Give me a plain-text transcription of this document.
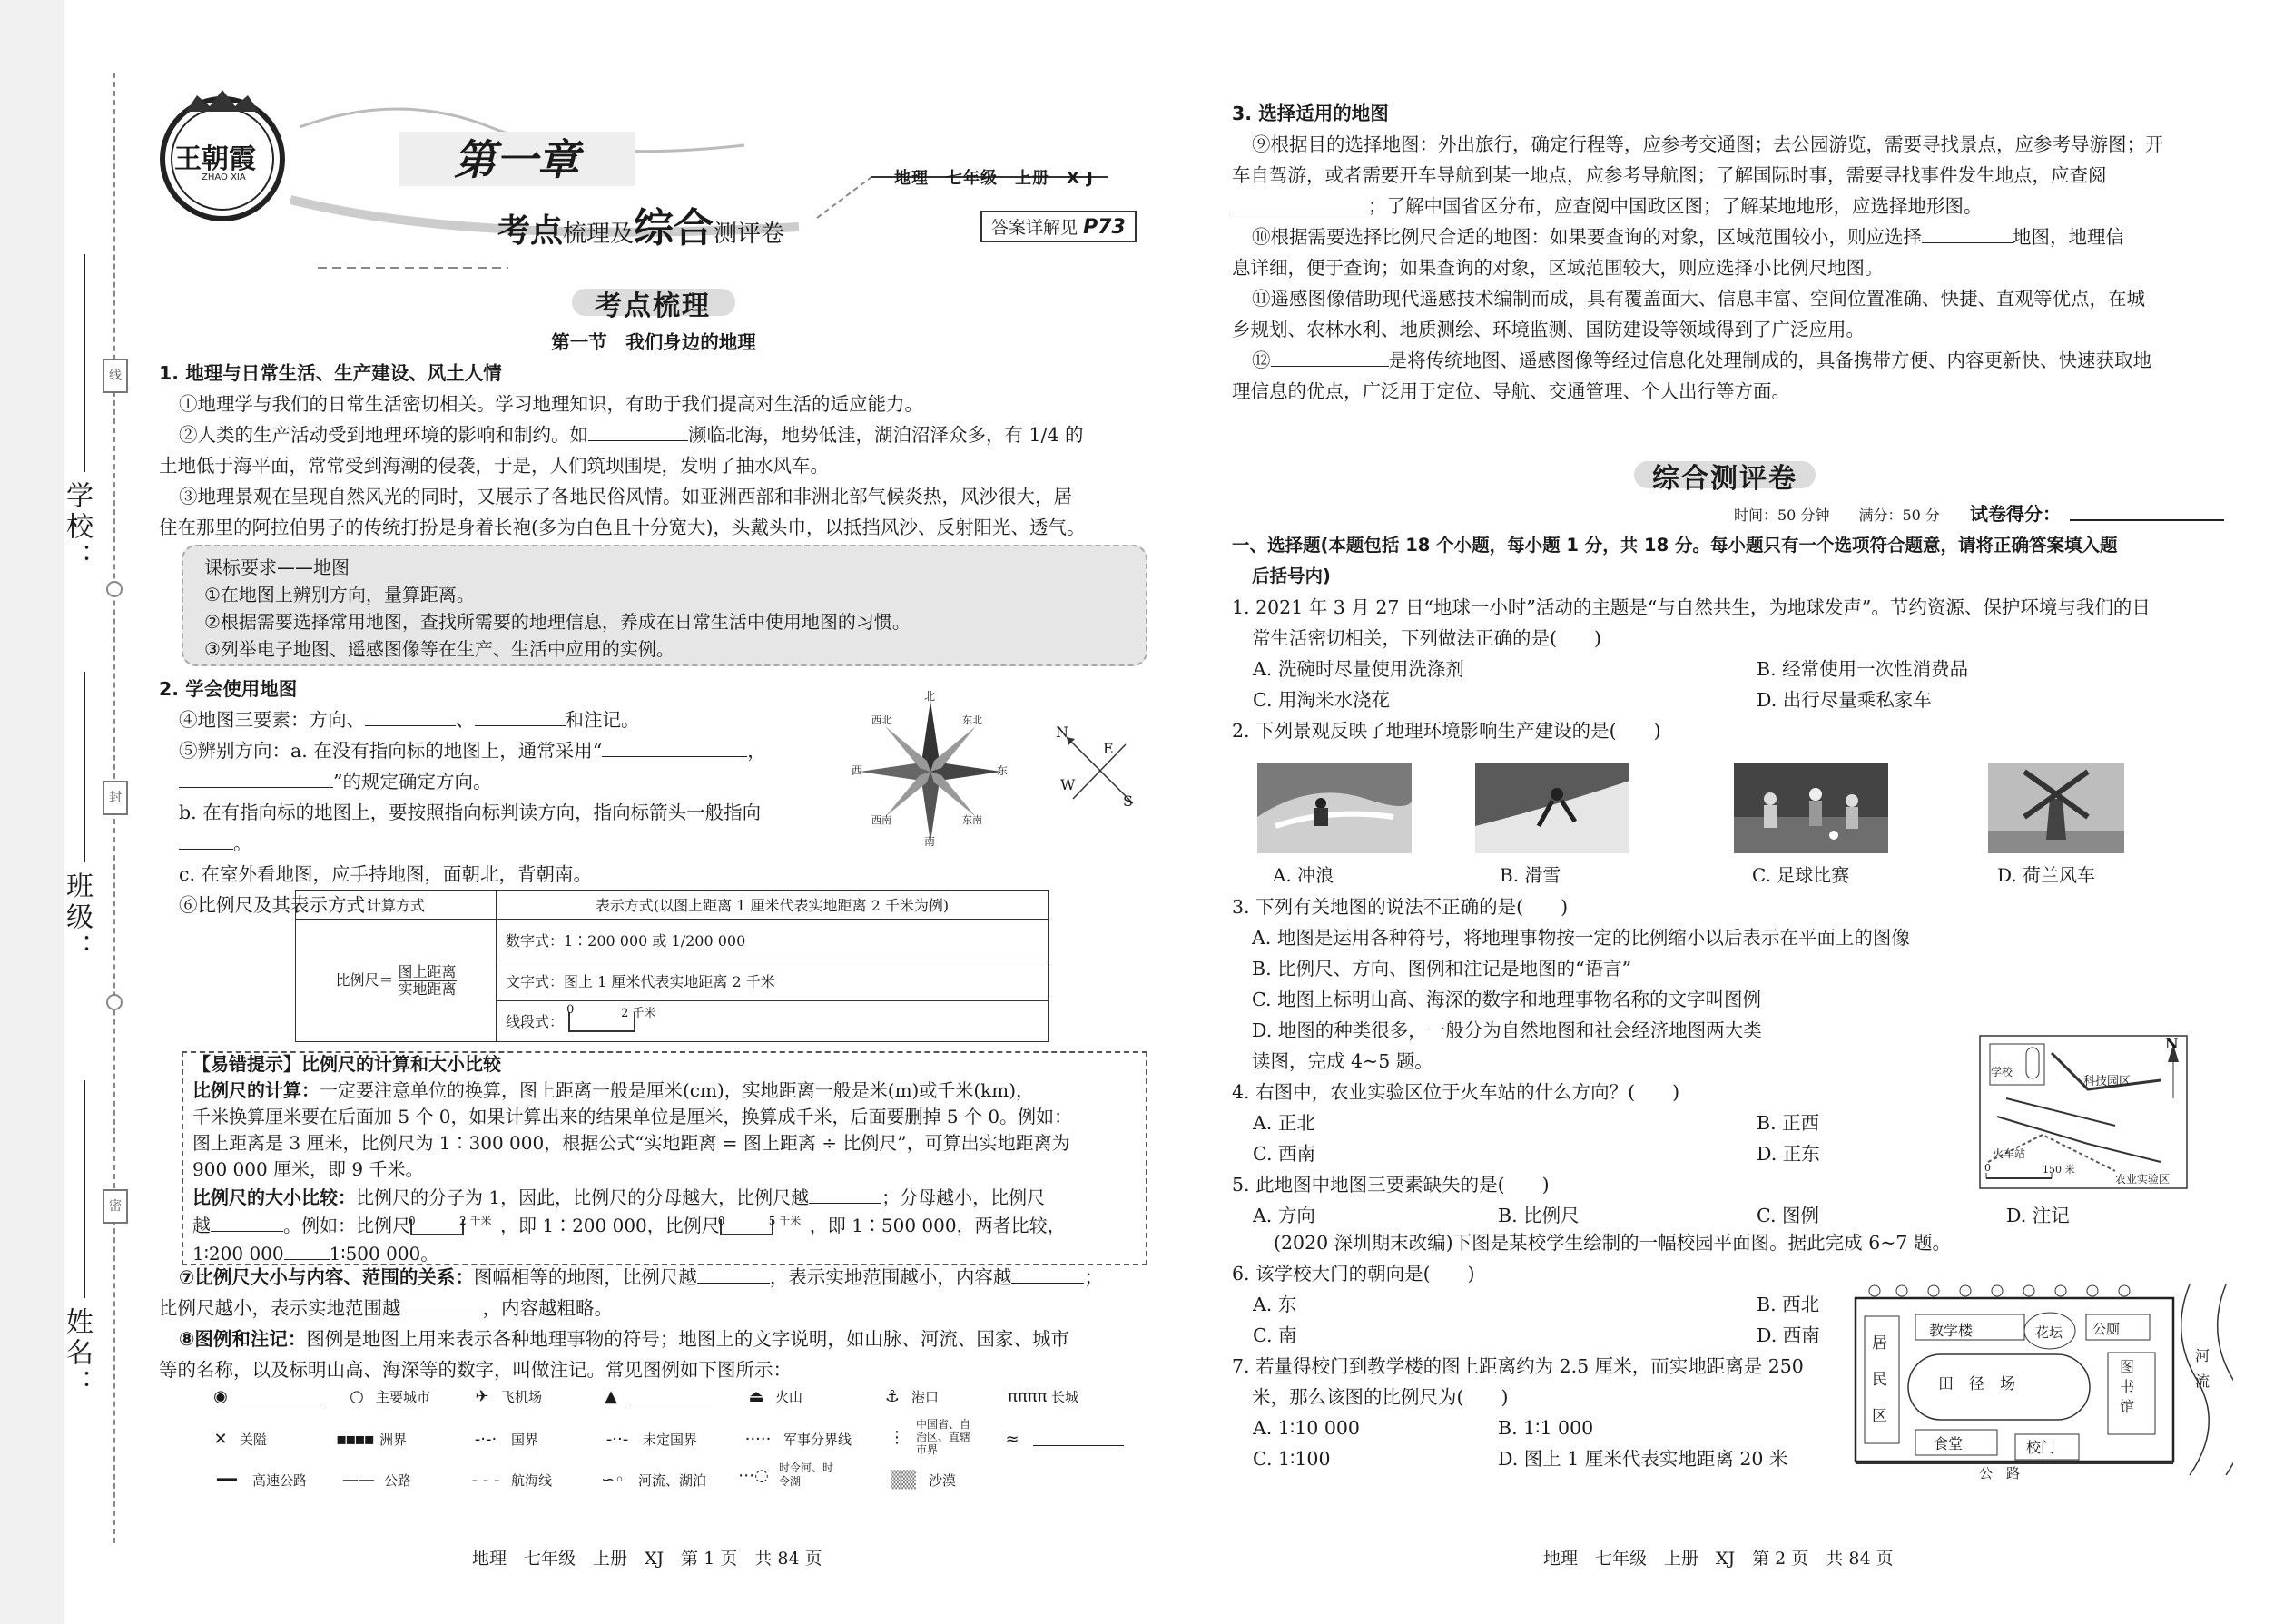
学校：
班级：
姓名：
线
封
密
王朝霞
ZHAO XIA	第一章
考点梳理及综合测评卷
地理　七年级　上册　X J
答案详解见 P73
考点梳理

第一节　我们身边的地理

1. 地理与日常生活、生产建设、风土人情

①地理学与我们的日常生活密切相关。学习地理知识，有助于我们提高对生活的适应能力。

②人类的生产活动受到地理环境的影响和制约。如	濒临北海，地势低洼，湖泊沼泽众多，有 1/4 的

土地低于海平面，常常受到海潮的侵袭，于是，人们筑坝围堤，发明了抽水风车。

③地理景观在呈现自然风光的同时，又展示了各地民俗风情。如亚洲西部和非洲北部气候炎热，风沙很大，居

住在那里的阿拉伯男子的传统打扮是身着长袍(多为白色且十分宽大)，头戴头巾，以抵挡风沙、反射阳光、透气。

课标要求——地图

①在地图上辨别方向，量算距离。

②根据需要选择常用地图，查找所需要的地理信息，养成在日常生活中使用地图的习惯。

③列举电子地图、遥感图像等在生产、生活中应用的实例。

2. 学会使用地图

④地图三要素：方向、	、	和注记。

⑤辨别方向：a. 在没有指向标的地图上，通常采用“	，

”的规定确定方向。

b. 在有指向标的地图上，要按照指向标判读方向，指向标箭头一般指向

。

c. 在室外看地图，应手持地图，面朝北，背朝南。

⑥比例尺及其表示方式：

北
南
东
西
东北
西北
东南
西南
N
E
W
S
计算方式	表示方式(以图上距离 1 厘米代表实地距离 2 千米为例)
比例尺＝ 图上距离
实地距离	数字式：1∶200 000 或 1/200 000
	文字式：图上 1 厘米代表实地距离 2 千米
	线段式：
0 2 千米

【易错提示】比例尺的计算和大小比较

比例尺的计算：一定要注意单位的换算，图上距离一般是厘米(cm)，实地距离一般是米(m)或千米(km)，

千米换算厘米要在后面加 5 个 0，如果计算出来的结果单位是厘米，换算成千米，后面要删掉 5 个 0。例如：

图上距离是 3 厘米，比例尺为 1∶300 000，根据公式“实地距离 = 图上距离 ÷ 比例尺”，可算出实地距离为

900 000 厘米，即 9 千米。

比例尺的大小比较：比例尺的分子为 1，因此，比例尺的分母越大，比例尺越	；分母越小，比例尺

越	。例如：比例尺
0	2 千米 ，即 1∶200 000，比例尺
0	5 千米 ，即 1∶500 000，两者比较，

1∶200 000	1∶500 000。

⑦比例尺大小与内容、范围的关系：图幅相等的地图，比例尺越	，表示实地范围越小，内容越	；

比例尺越小，表示实地范围越	，内容越粗略。

⑧图例和注记：图例是地图上用来表示各种地理事物的符号；地图上的文字说明，如山脉、河流、国家、城市

等的名称，以及标明山高、海深等的数字，叫做注记。常见图例如下图所示：

◉	○ 主要城市	✈ 飞机场	▲	⏏ 火山	⚓ 港口	ππππ 长城
✕ 关隘	▪▪▪▪ 洲界	-·-·	国界	-··-	未定国界	····· 军事分界线 ⋮
中国省、自治区、直辖市界
≈
━━	高速公路 —— 公路	- - - 航海线	∽◦	河流、湖泊 ⋯◌ 时令河、时令湖	▒▒ 沙漠
地理　七年级　上册　XJ　第 1 页　共 84 页

3. 选择适用的地图

⑨根据目的选择地图：外出旅行，确定行程等，应参考交通图；去公园游览，需要寻找景点，应参考导游图；开

车自驾游，或者需要开车导航到某一地点，应参考导航图；了解国际时事，需要寻找事件发生地点，应查阅

；了解中国省区分布，应查阅中国政区图；了解某地地形，应选择地形图。

⑩根据需要选择比例尺合适的地图：如果要查询的对象，区域范围较小，则应选择	地图，地理信

息详细，便于查询；如果查询的对象，区域范围较大，则应选择小比例尺地图。

⑪遥感图像借助现代遥感技术编制而成，具有覆盖面大、信息丰富、空间位置准确、快捷、直观等优点，在城

乡规划、农林水利、地质测绘、环境监测、国防建设等领域得到了广泛应用。

⑫	是将传统地图、遥感图像等经过信息化处理制成的，具备携带方便、内容更新快、快速获取地

理信息的优点，广泛用于定位、导航、交通管理、个人出行等方面。

综合测评卷
时间：50 分钟　　满分：50 分 试卷得分：

一、选择题(本题包括 18 个小题，每小题 1 分，共 18 分。每小题只有一个选项符合题意，请将正确答案填入题

后括号内)

1. 2021 年 3 月 27 日“地球一小时”活动的主题是“与自然共生，为地球发声”。节约资源、保护环境与我们的日

常生活密切相关，下列做法正确的是(　　)

A. 洗碗时尽量使用洗涤剂	B. 经常使用一次性消费品

C. 用淘米水浇花	D. 出行尽量乘私家车

2. 下列景观反映了地理环境影响生产建设的是(　　)

A. 冲浪	B. 滑雪	C. 足球比赛	D. 荷兰风车

3. 下列有关地图的说法不正确的是(　　)

A. 地图是运用各种符号，将地理事物按一定的比例缩小以后表示在平面上的图像

B. 比例尺、方向、图例和注记是地图的“语言”

C. 地图上标明山高、海深的数字和地理事物名称的文字叫图例

D. 地图的种类很多，一般分为自然地图和社会经济地图两大类

读图，完成 4~5 题。

4. 右图中，农业实验区位于火车站的什么方向？(　　)

A. 正北	B. 正西

C. 西南	D. 正东

5. 此地图中地图三要素缺失的是(　　)

A. 方向	B. 比例尺	C. 图例	D. 注记
学校
科技园区
火车站
农业实验区
N
0	150 米

(2020 深圳期末改编)下图是某校学生绘制的一幅校园平面图。据此完成 6~7 题。

6. 该学校大门的朝向是(　　)

A. 东	B. 西北

C. 南	D. 西南

7. 若量得校门到教学楼的图上距离约为 2.5 厘米，而实地距离是 250

米，那么该图的比例尺为(　　)

A. 1∶10 000	B. 1∶1 000

C. 1∶100	D. 图上 1 厘米代表实地距离 20 米

居
民
区
教学楼	花坛 公厕
田　径　场
图书馆
食堂	校门
公　路
河流
地理　七年级　上册　XJ　第 2 页　共 84 页
